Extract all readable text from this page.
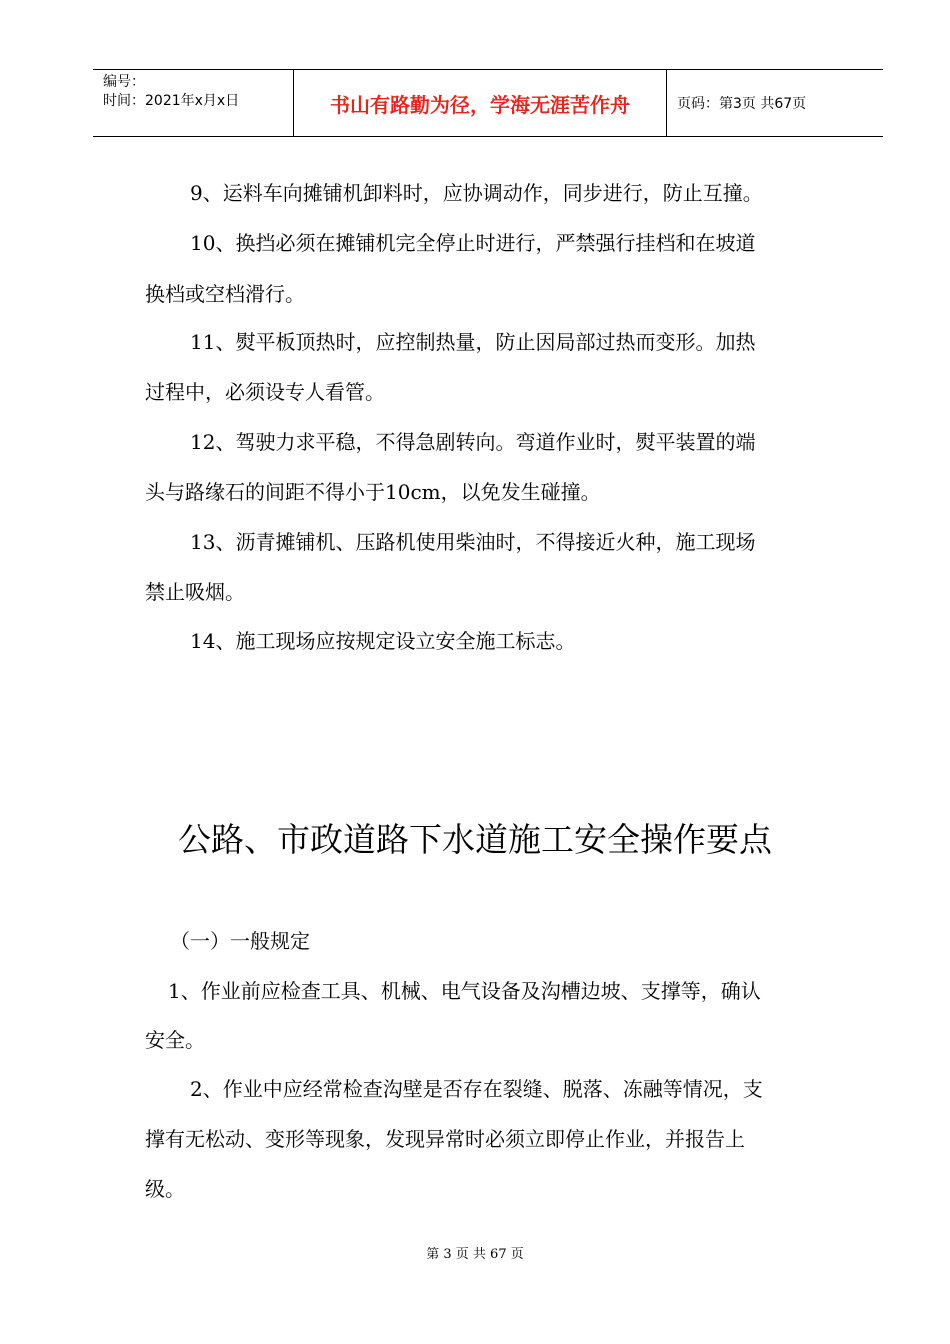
编号：
时间：2021年x月x日	书山有路勤为径，学海无涯苦作舟	页码：第3页 共67页
9、运料车向摊铺机卸料时，应协调动作，同步进行，防止互撞。
10、换挡必须在摊铺机完全停止时进行，严禁强行挂档和在坡道
换档或空档滑行。
11、熨平板顶热时，应控制热量，防止因局部过热而变形。加热
过程中，必须设专人看管。
12、驾驶力求平稳，不得急剧转向。弯道作业时，熨平装置的端
头与路缘石的间距不得小于10cm，以免发生碰撞。
13、沥青摊铺机、压路机使用柴油时，不得接近火种，施工现场
禁止吸烟。
14、施工现场应按规定设立安全施工标志。
公路、市政道路下水道施工安全操作要点
（一）一般规定
1、作业前应检查工具、机械、电气设备及沟槽边坡、支撑等，确认
安全。
2、作业中应经常检查沟壁是否存在裂缝、脱落、冻融等情况，支
撑有无松动、变形等现象，发现异常时必须立即停止作业，并报告上
级。
第 3 页 共 67 页
